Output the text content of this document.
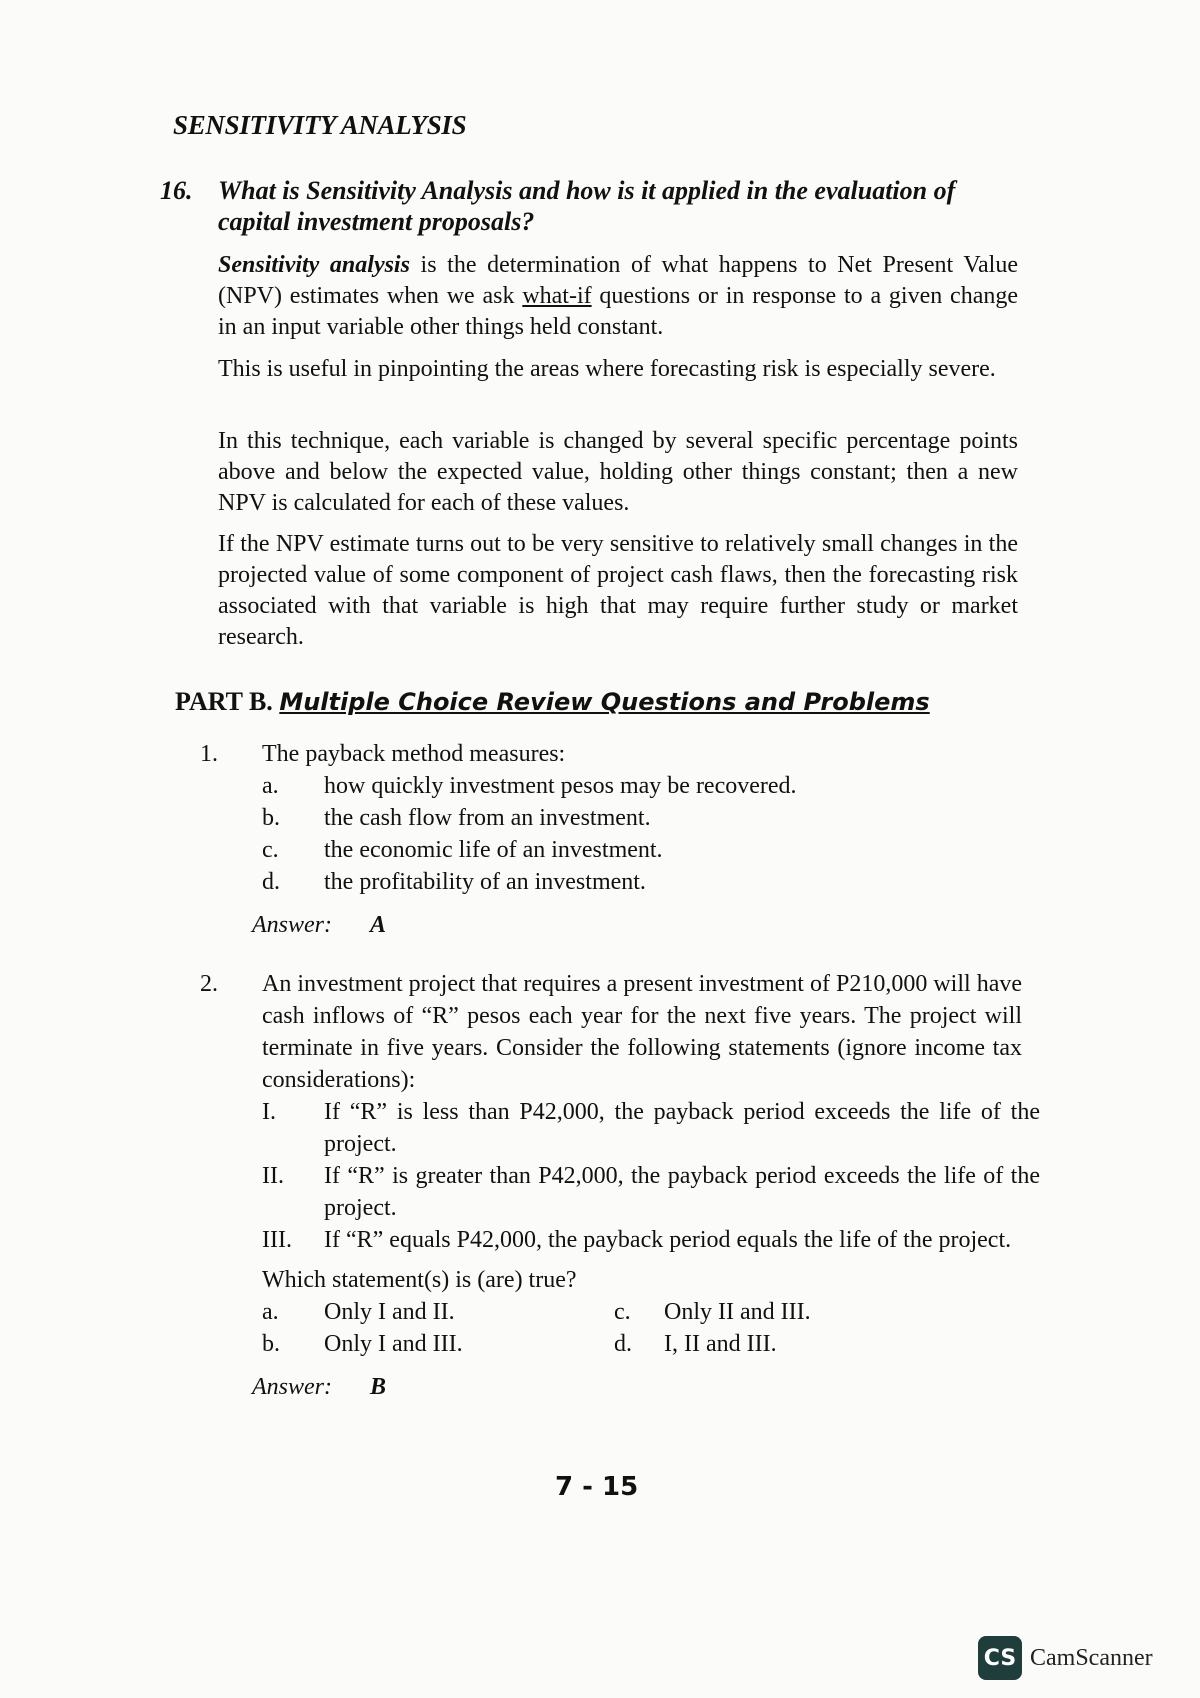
SENSITIVITY ANALYSIS
16. What is Sensitivity Analysis and how is it applied in the evaluation of capital investment proposals?
Sensitivity analysis is the determination of what happens to Net Present Value (NPV) estimates when we ask what-if questions or in response to a given change in an input variable other things held constant.
This is useful in pinpointing the areas where forecasting risk is especially severe.
In this technique, each variable is changed by several specific percentage points above and below the expected value, holding other things constant; then a new NPV is calculated for each of these values.
If the NPV estimate turns out to be very sensitive to relatively small changes in the projected value of some component of project cash flaws, then the forecasting risk associated with that variable is high that may require further study or market research.
PART B. Multiple Choice Review Questions and Problems
1.	The payback method measures:
a.	how quickly investment pesos may be recovered.
b.	the cash flow from an investment.
c.	the economic life of an investment.
d.	the profitability of an investment.
Answer:	A
2.	An investment project that requires a present investment of P210,000 will have cash inflows of “R” pesos each year for the next five years. The project will terminate in five years. Consider the following statements (ignore income tax considerations):
I.	If “R” is less than P42,000, the payback period exceeds the life of the project.
II.	If “R” is greater than P42,000, the payback period exceeds the life of the project.
III.	If “R” equals P42,000, the payback period equals the life of the project.
Which statement(s) is (are) true?
a.	Only I and II.	c.	Only II and III.
b.	Only I and III.	d.	I, II and III.
Answer:	B
7 - 15
CS CamScanner
